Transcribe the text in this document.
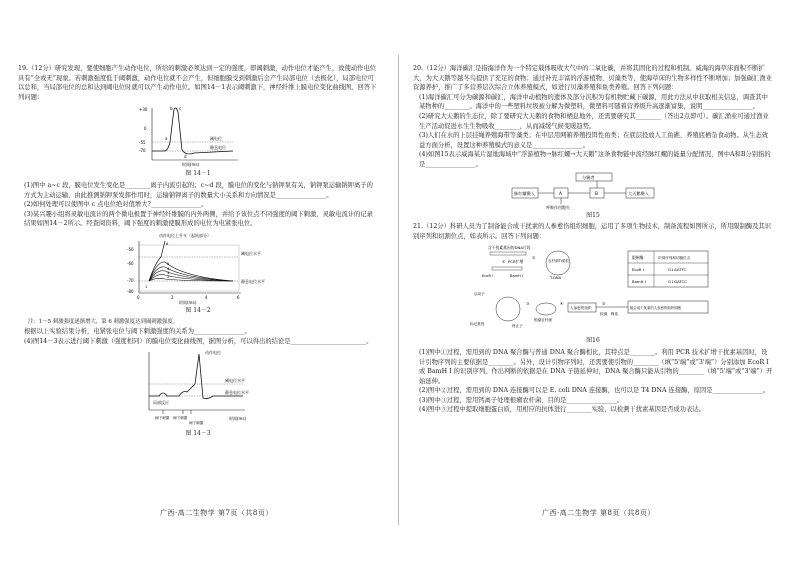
19.（12分）研究发现，要使细胞产生动作电位，所给的刺激必须达到一定的强度，即阈刺激，动作电位才能产生，致使动作电位具有“全或无”现象。若刺激强度低于阈刺激，动作电位就不会产生，但细胞膜受到刺激后会产生局部电位（去极化），局部电位可以总和，当局部电位的总和达到阈电位时就可以产生动作电位。如图14－1表示阈刺激下，神经纤维上膜电位变化曲线图，回答下列问题：

+30
0
-55
-70
a
b c
d
阈电位
静息电位
时间(ms)
图 14－1

(1)图中 a~c 段，膜电位发生变化是________离子内流引起的；c~d 段，膜电位的变化与钠钾泵有关，钠钾泵运输钠钾离子的方式为主动运输，由此推测钠钾泵发挥作用时，运输钠钾离子的数量大小关系和方向情况是________________。

(2)如何处理可以使图中 c 点电位绝对值增大?________________。

(3)某兴趣小组将灵敏电流计的两个微电极置于神经纤维膜的内外两侧，并给予该位点不同强度的阈下刺激，灵敏电流计的记录结果如图14－2所示。经查阅资料，阈下强度的刺激使膜形成的电位为电紧张电位。

动作电位上升支（起始部分）
-50
-60
-70
-80
1
2
3
4
5
6
阈电位水平
静息电位水平
0	2	4	6
时间(ms)
图 14－2

注：1～5 刺激强度逐渐增大，第 6 刺激强度达到阈刺激强度。

根据以上实验结果分析，电紧张电位与阈下刺激强度的关系为________________。

(4)图14－3表示进行阈下刺激（强度相同）的膜电位变化曲线图，据图分析，可以得出的结论是________________________。

动作电位
阈电位水平
静息电位水平
局部反应
阈下刺激 阈下刺激
阈下刺激
时间(ms)
图 14－3

20.（12分）海洋碳汇是指海洋作为一个特定载体吸收大气中的二氧化碳，并将其固化的过程和机制。威海的海草床面积不断扩大，为大天鹅等越冬鸟提供了充足的食物；通过补充丰富的浮游植物、贝藻类等，使海草床的生物多样性不断增加；加强碳汇渔业资源养护，推广了多营养层次综合立体养殖模式，如进行贝藻养殖和鱼类养殖。回答下列问题：

(1)海洋碳汇可分为碳源和碳汇，海洋中动植物的遗体及部分沉积为有机物贮藏下碳源，用此方法从中获取相关信息，调查其中某物种的________。海洋中的一些塑料垃圾被分解为微塑料，微塑料可随着营养级升高逐渐富集，说明________________。

(2)研究大天鹅的生态位，除了要研究大天鹅的食物和栖息地外，还需要研究其________（答出2点即可）。碳汇渔业可通过渔业生产活动促进水生生物吸收________，从而减缓气候变暖趋势。

(3)人们在水的上层挂绳养殖海带等藻类；在中层用网箱养殖投饵性鱼类；在底层投放人工鱼礁、养殖底栖杂食动物。从生态效益方面分析，设置这种养殖模式的意义是________________。

(4)如图15表示威海某片湿地海域中“浮游植物→脉红螺→大天鹅”这条食物链中流经脉红螺的能量分配情况，图中A和B分别指的是________________。

分解者
脉红螺摄入	A	B	大天鹅摄入
呼吸作用散失
图15

21.（12分）科研人员为了制备能合成干扰素的人参愈伤组织细胞，运用了多项生物技术，制备流程如图所示，所用限制酶及其识别序列和切割位点，如表所示。回答下列问题：

含干扰素基因的DNA片段
① PCR扩增
EcoR Ⅰ	BamH Ⅰ
农杆菌Ti质粒
T-DNA
②
启动子
终止子
标记基因
③
根瘤农杆菌
④
人参愈伤组织
⑤
检测、筛选
能合成干扰素的人参愈伤组织细胞
限制酶	识别序列和切割位点
EcoR Ⅰ	G↓AATTC
BamH Ⅰ	G↓GATCC
图16

(1)图中①过程，需用到的 DNA 聚合酶与普通 DNA 聚合酶相比，其特点是________。利用 PCR 技术扩增干扰素基因时，设计引物序列的主要依据是________。另外，设计引物序列时，还需要使引物的________（填“5'端”或“3'端”）分别添加 EcoR Ⅰ 或 BamH Ⅰ 的识别序列，作出判断的依据是在 DNA 子链延伸时，DNA 聚合酶只能从引物的________（填“5'端”或“3'端”）开始延伸。

(2)图中②过程，需用到的 DNA 连接酶可以是 E. coli DNA 连接酶，也可以是 T4 DNA 连接酶，原因是________________。

(3)图中③过程，需用钙离子处理根瘤农杆菌，目的是________________。

(4)图中⑤过程中提取细胞蛋白质，用相应的抗体进行________实验，以检测干扰素基因是否成功表达。

广西·高二生物学 第7页（共8页）	广西·高二生物学 第8页（共8页）
